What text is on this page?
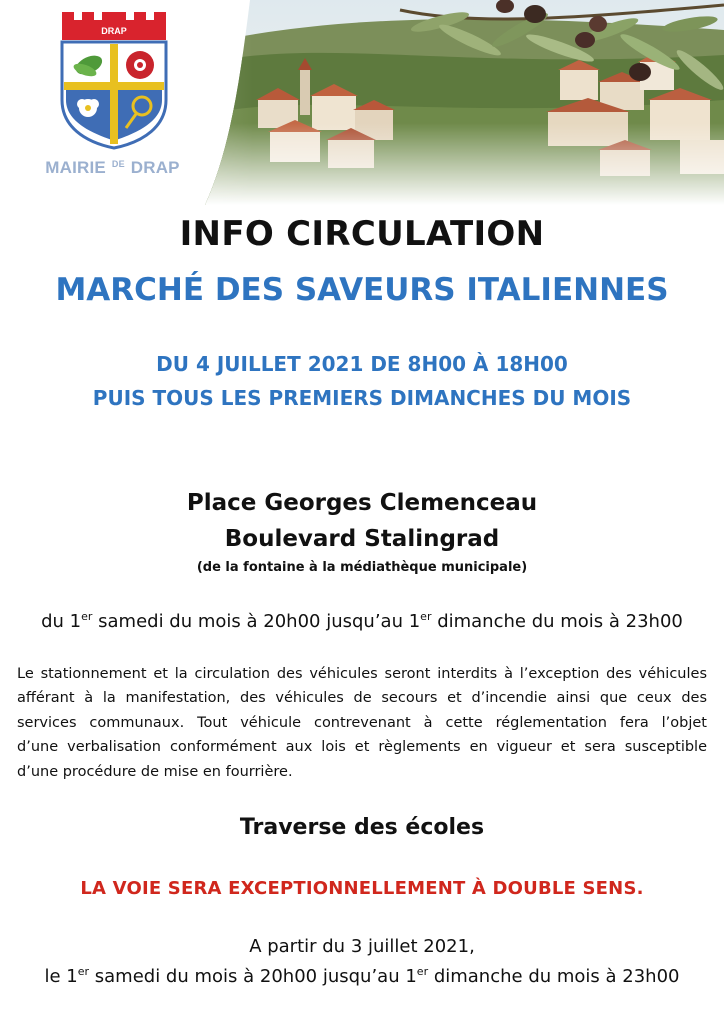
DRAP
MAIRIE $^{DE}$ DRAP
INFO CIRCULATION
MARCHÉ DES SAVEURS ITALIENNES
DU 4 JUILLET 2021 DE 8H00 À 18H00
PUIS TOUS LES PREMIERS DIMANCHES DU MOIS
Place Georges Clemenceau
Boulevard Stalingrad
(de la fontaine à la médiathèque municipale)
du 1er samedi du mois à 20h00 jusqu’au 1er dimanche du mois à 23h00
Le stationnement et la circulation des véhicules seront interdits à l’exception des véhicules
afférant à la manifestation, des véhicules de secours et d’incendie ainsi que ceux des
services communaux. Tout véhicule contrevenant à cette réglementation fera l’objet
d’une verbalisation conformément aux lois et règlements en vigueur et sera susceptible
d’une procédure de mise en fourrière.
Traverse des écoles
LA VOIE SERA EXCEPTIONNELLEMENT À DOUBLE SENS.
A partir du 3 juillet 2021,
le 1er samedi du mois à 20h00 jusqu’au 1er dimanche du mois à 23h00
